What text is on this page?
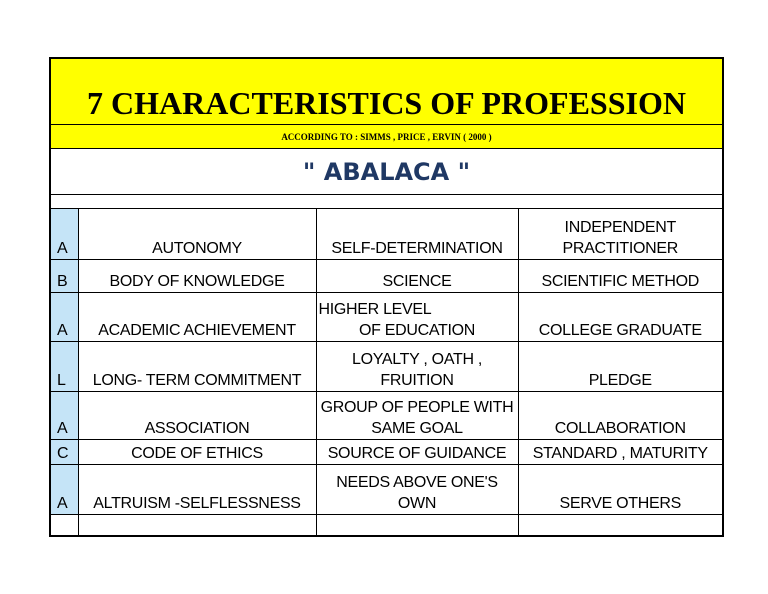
7 CHARACTERISTICS OF PROFESSION
ACCORDING TO : SIMMS , PRICE , ERVIN ( 2000 )
" ABALACA "
A	AUTONOMY	SELF-DETERMINATION	INDEPENDENT
PRACTITIONER

B	BODY OF KNOWLEDGE	SCIENCE	SCIENTIFIC METHOD

A	ACADEMIC ACHIEVEMENT	HIGHER LEVEL
OF EDUCATION	COLLEGE GRADUATE

L	LONG- TERM COMMITMENT	LOYALTY , OATH ,
FRUITION	PLEDGE

A	ASSOCIATION	GROUP OF PEOPLE WITH
SAME GOAL	COLLABORATION

C	CODE OF ETHICS	SOURCE OF GUIDANCE	STANDARD , MATURITY

A	ALTRUISM -SELFLESSNESS	NEEDS ABOVE ONE'S
OWN	SERVE OTHERS
